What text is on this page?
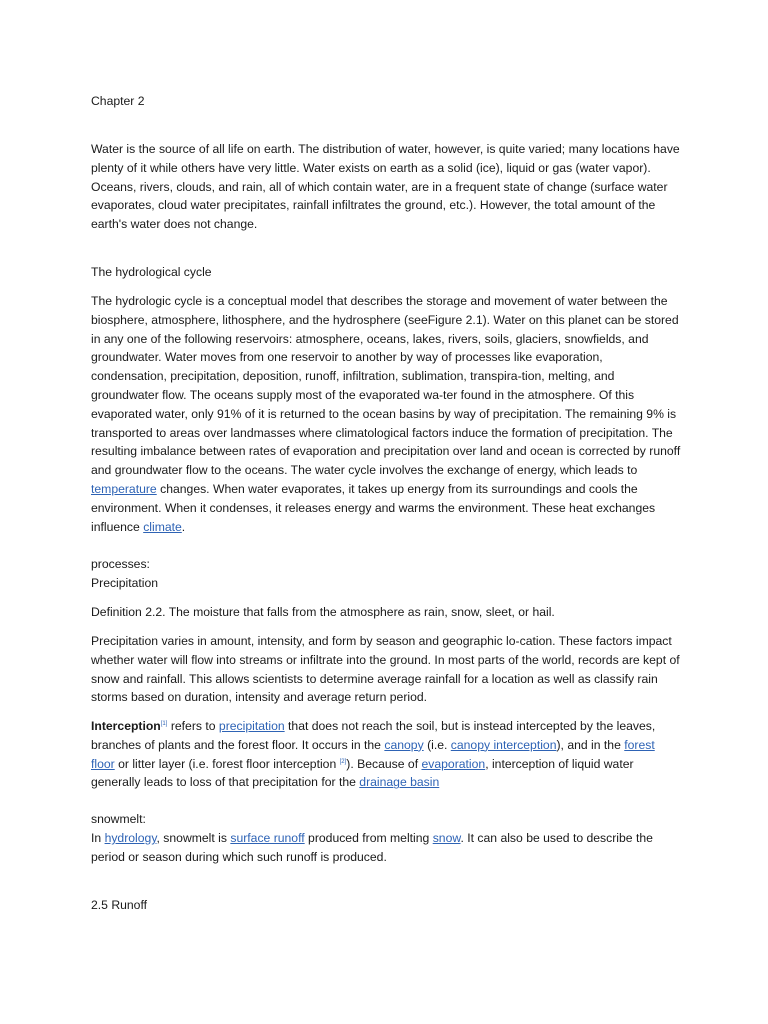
Chapter 2

Water is the source of all life on earth. The distribution of water, however, is quite varied; many locations have plenty of it while others have very little. Water exists on earth as a solid (ice), liquid or gas (water vapor). Oceans, rivers, clouds, and rain, all of which contain water, are in a frequent state of change (surface water evaporates, cloud water precipitates, rainfall infiltrates the ground, etc.). However, the total amount of the earth's water does not change.

The hydrological cycle

The hydrologic cycle is a conceptual model that describes the storage and movement of water between the biosphere, atmosphere, lithosphere, and the hydrosphere (seeFigure 2.1). Water on this planet can be stored in any one of the following reservoirs: atmosphere, oceans, lakes, rivers, soils, glaciers, snowfields, and groundwater. Water moves from one reservoir to another by way of processes like evaporation, condensation, precipitation, deposition, runoff, infiltration, sublimation, transpira-tion, melting, and groundwater flow. The oceans supply most of the evaporated wa-ter found in the atmosphere. Of this evaporated water, only 91% of it is returned to the ocean basins by way of precipitation. The remaining 9% is transported to areas over landmasses where climatological factors induce the formation of precipitation. The resulting imbalance between rates of evaporation and precipitation over land and ocean is corrected by runoff and groundwater flow to the oceans. The water cycle involves the exchange of energy, which leads to temperature changes. When water evaporates, it takes up energy from its surroundings and cools the environment. When it condenses, it releases energy and warms the environment. These heat exchanges influence climate.

processes:

Precipitation

Definition 2.2. The moisture that falls from the atmosphere as rain, snow, sleet, or hail.

Precipitation varies in amount, intensity, and form by season and geographic lo-cation. These factors impact whether water will flow into streams or infiltrate into the ground. In most parts of the world, records are kept of snow and rainfall. This allows scientists to determine average rainfall for a location as well as classify rain storms based on duration, intensity and average return period.

Interception[1] refers to precipitation that does not reach the soil, but is instead intercepted by the leaves, branches of plants and the forest floor. It occurs in the canopy (i.e. canopy interception), and in the forest floor or litter layer (i.e. forest floor interception [2]). Because of evaporation, interception of liquid water generally leads to loss of that precipitation for the drainage basin

snowmelt:

In hydrology, snowmelt is surface runoff produced from melting snow. It can also be used to describe the period or season during which such runoff is produced.

2.5 Runoff
